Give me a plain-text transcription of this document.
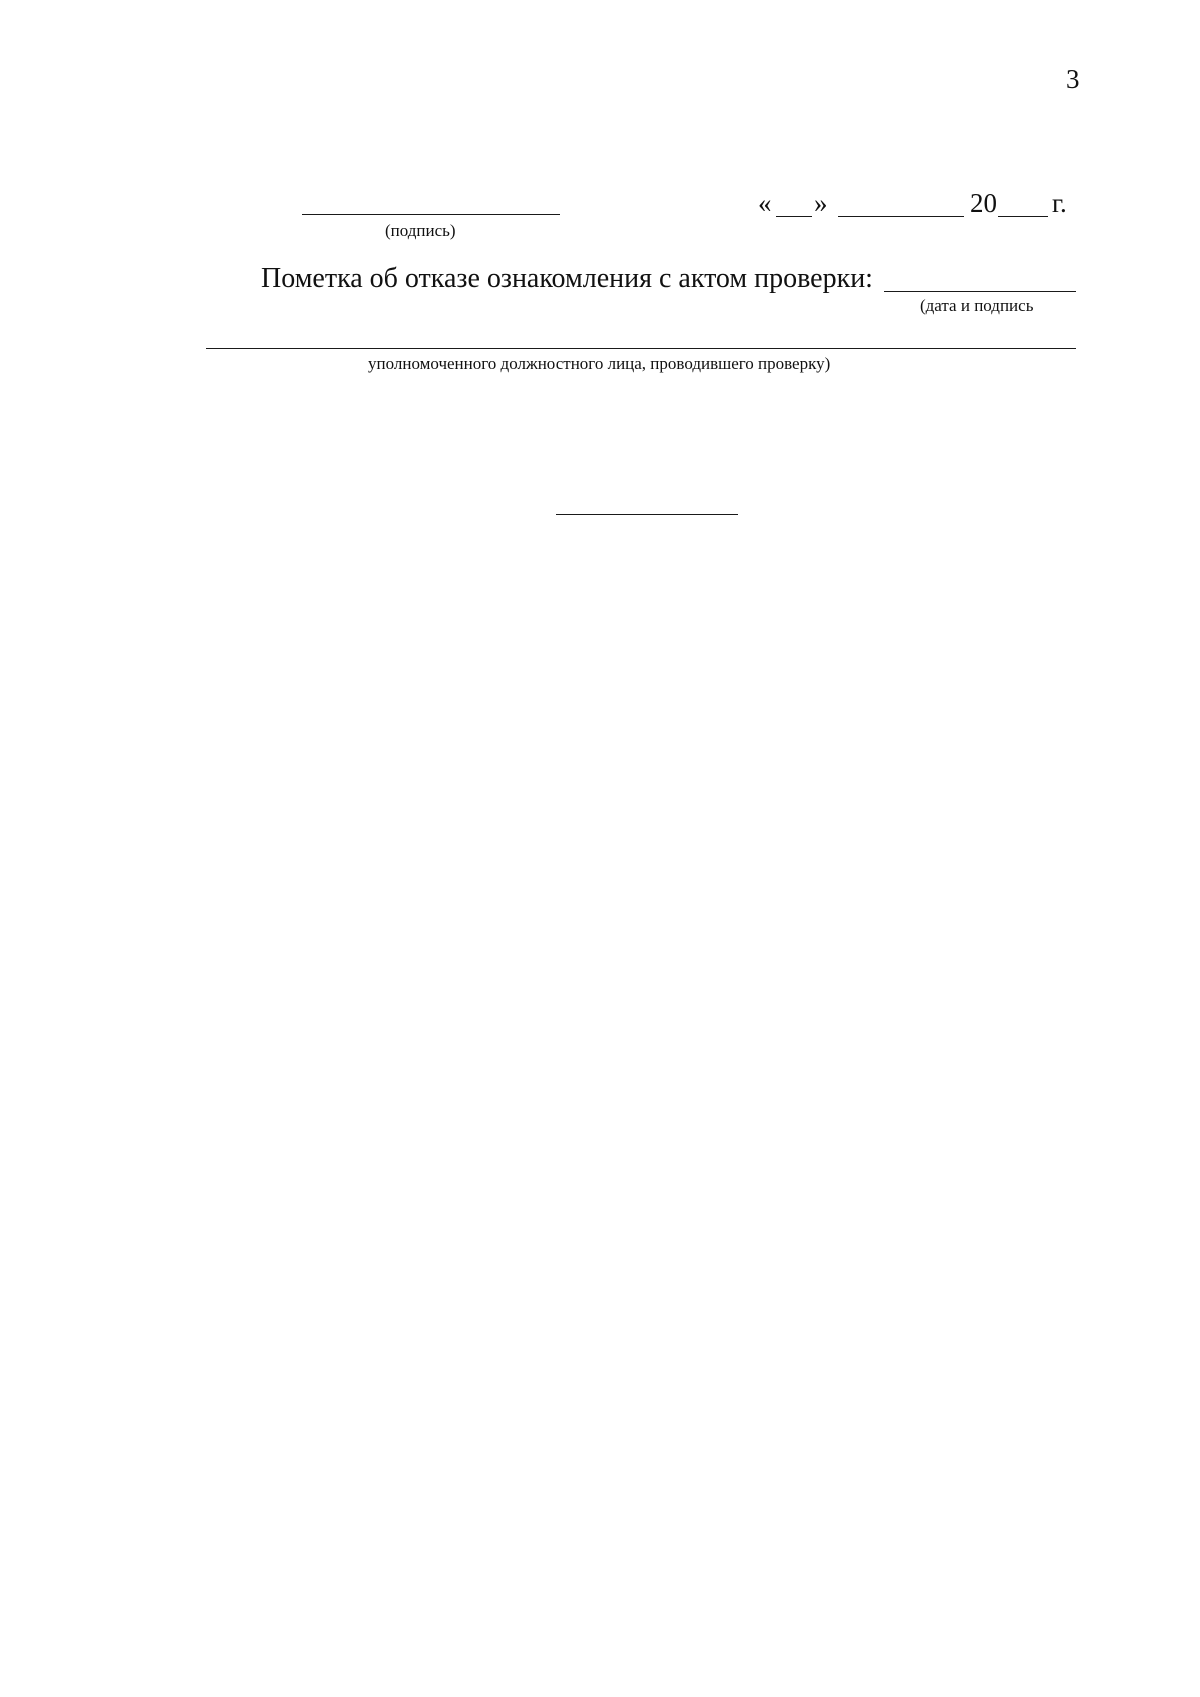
3
(подпись)
« »	20 г.
Пометка об отказе ознакомления с актом проверки:
(дата и подпись
уполномоченного должностного лица, проводившего проверку)
